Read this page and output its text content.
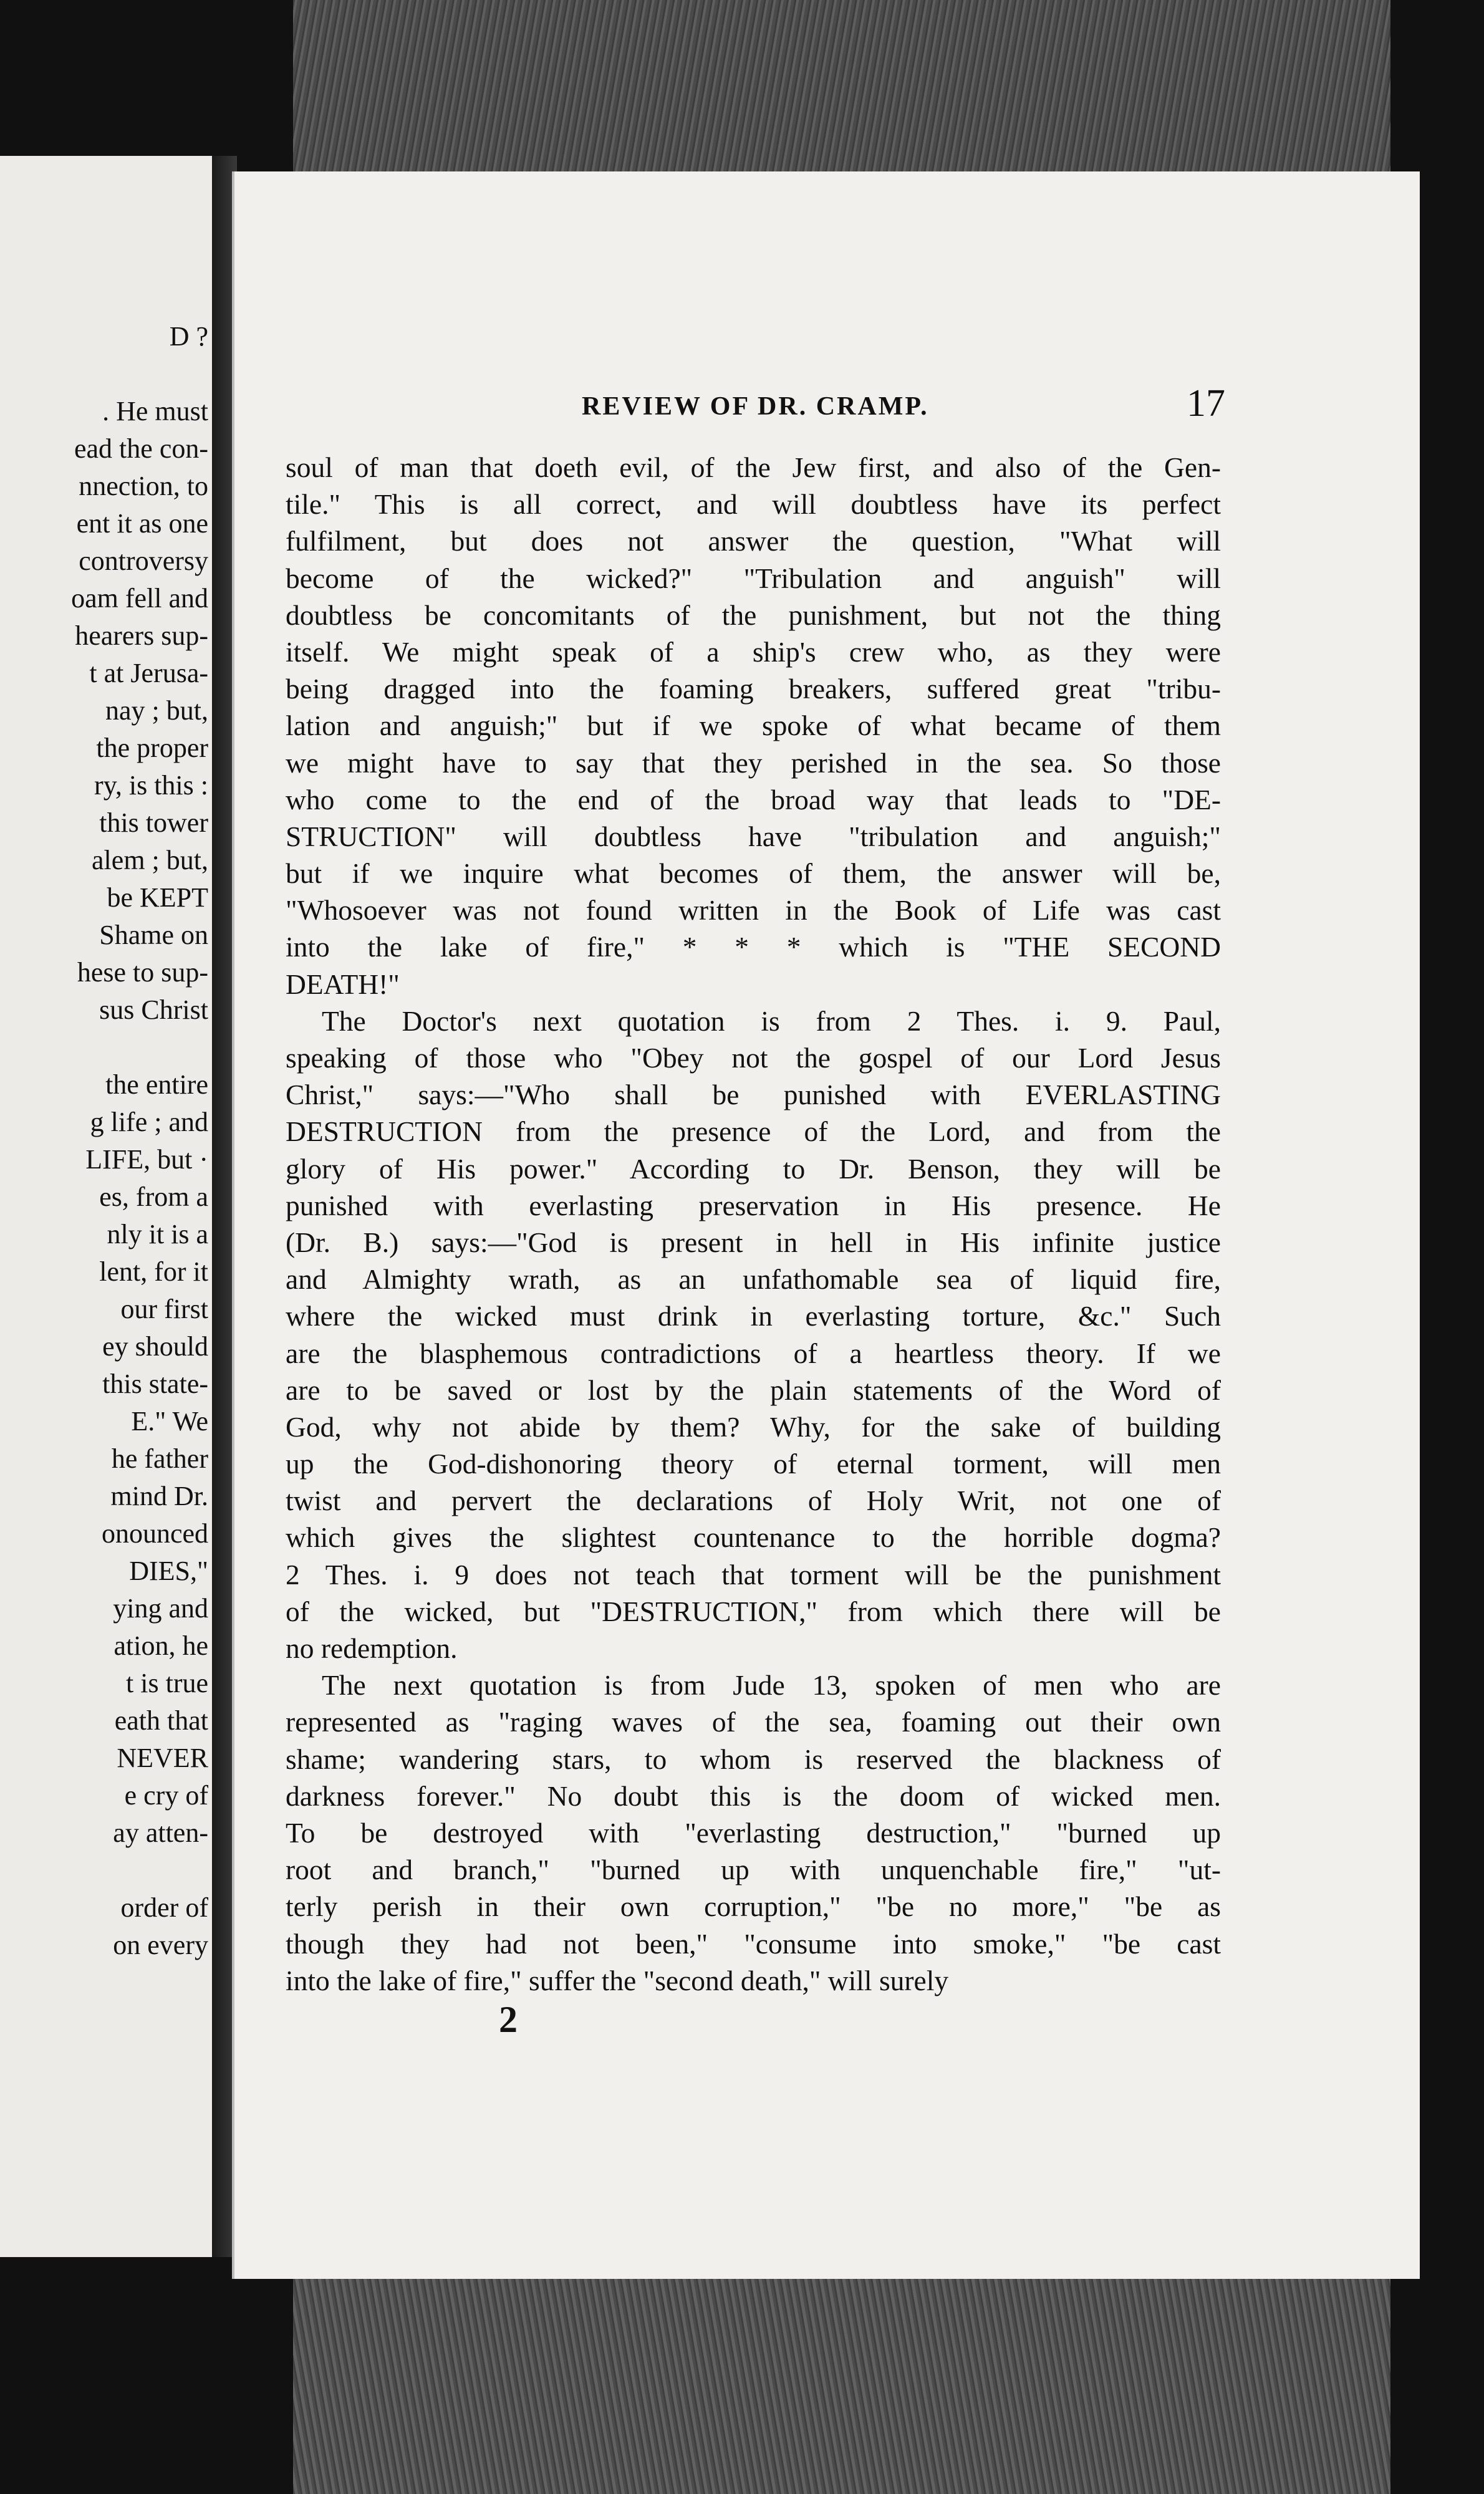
D ?
. He must
ead the con-
nnection, to
ent it as one
controversy
oam fell and
hearers sup-
t at Jerusa-
nay ; but,
the proper
ry, is this :
this tower
alem ; but,
be KEPT
Shame on
hese to sup-
sus Christ
the entire
g life ; and
LIFE, but ·
es, from a
nly it is a
lent, for it
our first
ey should
this state-
E." We
he father
mind Dr.
onounced
DIES,"
ying and
ation, he
t is true
eath that
NEVER
e cry of
ay atten-
order of
on every
REVIEW OF DR. CRAMP.	17
soul of man that doeth evil, of the Jew first, and also of the Gen-
tile." This is all correct, and will doubtless have its perfect
fulfilment, but does not answer the question, "What will
become of the wicked?" "Tribulation and anguish" will
doubtless be concomitants of the punishment, but not the thing
itself. We might speak of a ship's crew who, as they were
being dragged into the foaming breakers, suffered great "tribu-
lation and anguish;" but if we spoke of what became of them
we might have to say that they perished in the sea. So those
who come to the end of the broad way that leads to "DE-
STRUCTION" will doubtless have "tribulation and anguish;"
but if we inquire what becomes of them, the answer will be,
"Whosoever was not found written in the Book of Life was cast
into the lake of fire," * * * which is "THE SECOND
DEATH!"
The Doctor's next quotation is from 2 Thes. i. 9. Paul,
speaking of those who "Obey not the gospel of our Lord Jesus
Christ," says:—"Who shall be punished with EVERLASTING
DESTRUCTION from the presence of the Lord, and from the
glory of His power." According to Dr. Benson, they will be
punished with everlasting preservation in His presence. He
(Dr. B.) says:—"God is present in hell in His infinite justice
and Almighty wrath, as an unfathomable sea of liquid fire,
where the wicked must drink in everlasting torture, &c." Such
are the blasphemous contradictions of a heartless theory. If we
are to be saved or lost by the plain statements of the Word of
God, why not abide by them? Why, for the sake of building
up the God-dishonoring theory of eternal torment, will men
twist and pervert the declarations of Holy Writ, not one of
which gives the slightest countenance to the horrible dogma?
2 Thes. i. 9 does not teach that torment will be the punishment
of the wicked, but "DESTRUCTION," from which there will be
no redemption.
The next quotation is from Jude 13, spoken of men who are
represented as "raging waves of the sea, foaming out their own
shame; wandering stars, to whom is reserved the blackness of
darkness forever." No doubt this is the doom of wicked men.
To be destroyed with "everlasting destruction," "burned up
root and branch," "burned up with unquenchable fire," "ut-
terly perish in their own corruption," "be no more," "be as
though they had not been," "consume into smoke," "be cast
into the lake of fire," suffer the "second death," will surely
2
